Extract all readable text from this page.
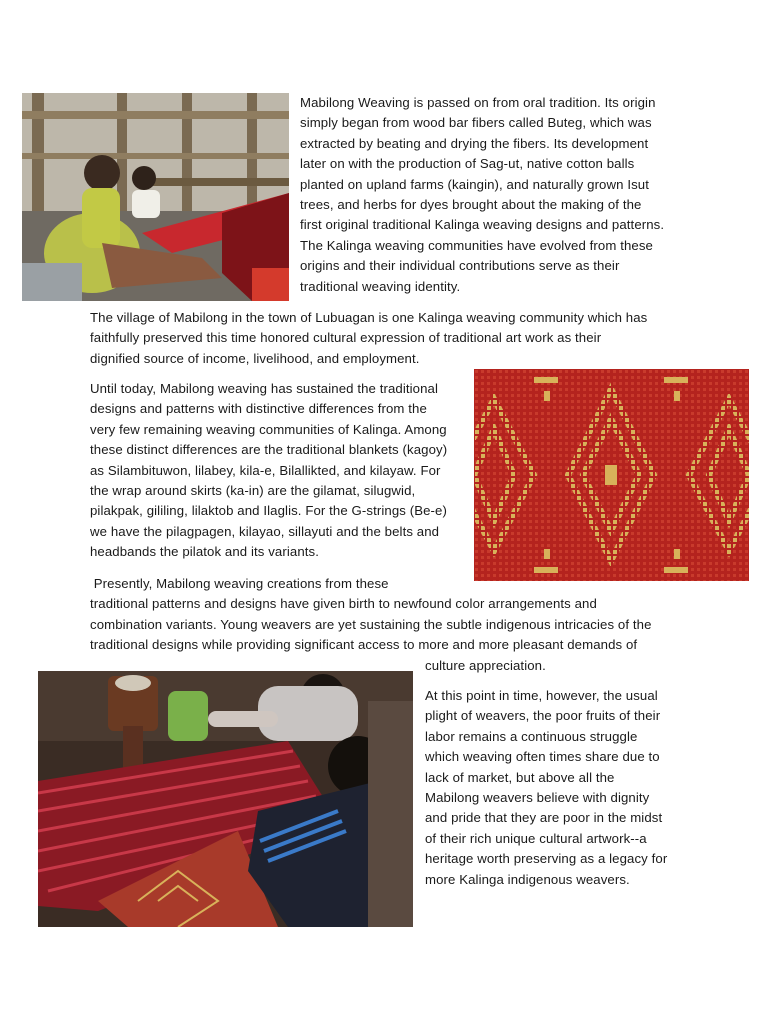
Mabilong Weaving is passed on from oral tradition. Its origin

simply began from wood bar fibers called Buteg, which was

extracted by beating and drying the fibers. Its development

later on with the production of Sag-ut, native cotton balls

planted on upland farms (kaingin), and naturally grown Isut

trees, and herbs for dyes brought about the making of the

first original traditional Kalinga weaving designs and patterns.

The Kalinga weaving communities have evolved from these

origins and their individual contributions serve as their

traditional weaving identity.

The village of Mabilong in the town of Lubuagan is one Kalinga weaving community which has

faithfully preserved this time honored cultural expression of traditional art work as their

dignified source of income, livelihood, and employment.

Until today, Mabilong weaving has sustained the traditional

designs and patterns with distinctive differences from the

very few remaining weaving communities of Kalinga. Among

these distinct differences are the traditional blankets (kagoy)

as Silambituwon, lilabey, kila-e, Bilallikted, and kilayaw. For

the wrap around skirts (ka-in) are the gilamat, silugwid,

pilakpak, gililing, lilaktob and Ilaglis. For the G-strings (Be-e)

we have the pilagpagen, kilayao, sillayuti and the belts and

headbands the pilatok and its variants.

Presently, Mabilong weaving creations from these

traditional patterns and designs have given birth to newfound color arrangements and

combination variants. Young weavers are yet sustaining the subtle indigenous intricacies of the

traditional designs while providing significant access to more and more pleasant demands of

culture appreciation.

At this point in time, however, the usual

plight of weavers, the poor fruits of their

labor remains a continuous struggle

which weaving often times share due to

lack of market, but above all the

Mabilong weavers believe with dignity

and pride that they are poor in the midst

of their rich unique cultural artwork--a

heritage worth preserving as a legacy for

more Kalinga indigenous weavers.
